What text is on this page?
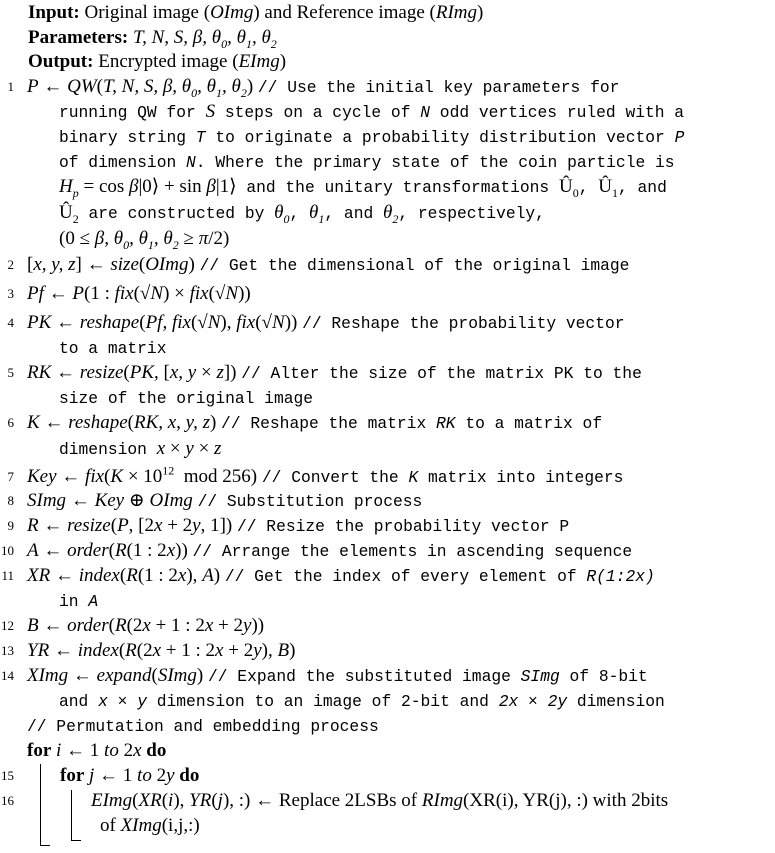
Input: Original image (OImg) and Reference image (RImg)
Parameters: T, N, S, β, $\theta_0$, $\theta_1$, $\theta_2$
Output: Encrypted image (EImg)
1 P ← QW(T, N, S, β, $\theta_0$, $\theta_1$, $\theta_2$) // Use the initial key parameters for
running QW for S steps on a cycle of N odd vertices ruled with a
binary string T to originate a probability distribution vector P
of dimension N. Where the primary state of the coin particle is
$H_p = \cos$ β|0⟩ + sin β|1⟩ and the unitary transformations $Û_0$, $Û_1$, and
$Û_2$ are constructed by $\theta_0$, $\theta_1$, and $\theta_2$, respectively,
(0 ≤ β, $\theta_0$, $\theta_1$, $\theta_2 \ge \pi/2$)
2 [x, y, z] ← size(OImg) // Get the dimensional of the original image
3 Pf ← P(1 : fix(√N) × fix(√N))
4 PK ← reshape(Pf, fix(√N), fix(√N)) // Reshape the probability vector
to a matrix
5 RK ← resize(PK, [x, y × z]) // Alter the size of the matrix PK to the
size of the original image
6 K ← reshape(RK, x, y, z) // Reshape the matrix RK to a matrix of
dimension x × y × z
7 Key ← $fix(K \times 10^{12}$  mod 256) // Convert the K matrix into integers
8 SImg ← Key ⊕ OImg // Substitution process
9 R ← resize(P, [2x + 2y, 1]) // Resize the probability vector P
10 A ← order(R(1 : 2x)) // Arrange the elements in ascending sequence
11 XR ← index(R(1 : 2x), A) // Get the index of every element of R(1:2x)
in A
12 B ← order(R(2x + 1 : 2x + 2y))
13 YR ← index(R(2x + 1 : 2x + 2y), B)
14 XImg ← expand(SImg) // Expand the substituted image SImg of 8-bit
and x × y dimension to an image of 2-bit and 2x × 2y dimension
// Permutation and embedding process
for i ← 1 to 2x do
15 for j ← 1 to 2y do
16	EImg(XR(i), YR(j), :) ← Replace 2LSBs of RImg(XR(i), YR(j), :) with 2bits
of XImg(i,j,:)
